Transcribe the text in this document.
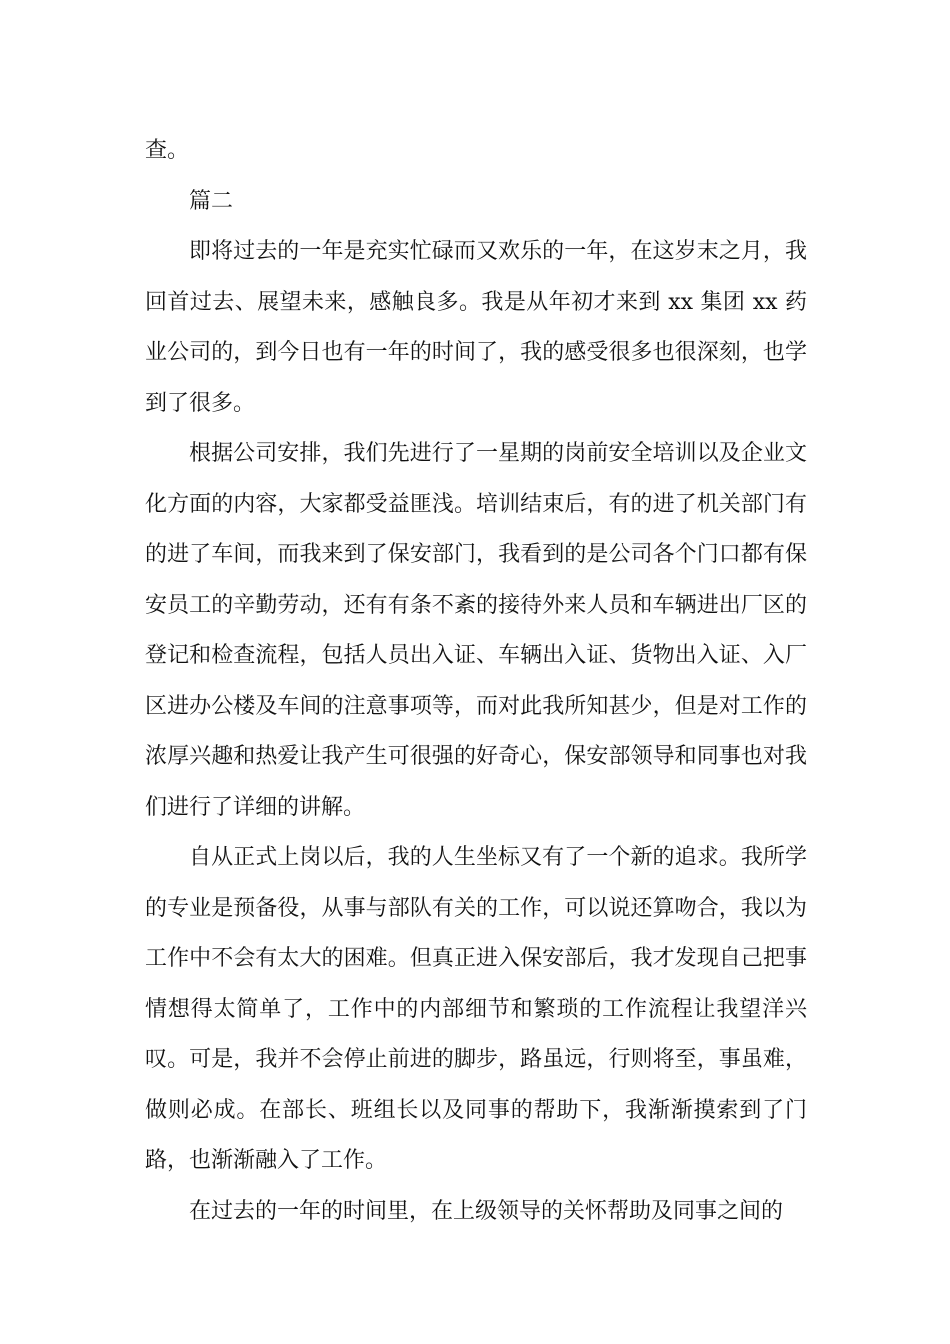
查。

篇二

即将过去的一年是充实忙碌而又欢乐的一年，在这岁末之月，我回首过去、展望未来，感触良多。我是从年初才来到 xx 集团 xx 药业公司的，到今日也有一年的时间了，我的感受很多也很深刻，也学到了很多。

根据公司安排，我们先进行了一星期的岗前安全培训以及企业文化方面的内容，大家都受益匪浅。培训结束后，有的进了机关部门有的进了车间，而我来到了保安部门，我看到的是公司各个门口都有保安员工的辛勤劳动，还有有条不紊的接待外来人员和车辆进出厂区的登记和检查流程，包括人员出入证、车辆出入证、货物出入证、入厂区进办公楼及车间的注意事项等，而对此我所知甚少，但是对工作的浓厚兴趣和热爱让我产生可很强的好奇心，保安部领导和同事也对我们进行了详细的讲解。

自从正式上岗以后，我的人生坐标又有了一个新的追求。我所学的专业是预备役，从事与部队有关的工作，可以说还算吻合，我以为工作中不会有太大的困难。但真正进入保安部后，我才发现自己把事情想得太简单了，工作中的内部细节和繁琐的工作流程让我望洋兴叹。可是，我并不会停止前进的脚步，路虽远，行则将至，事虽难，做则必成。在部长、班组长以及同事的帮助下，我渐渐摸索到了门路，也渐渐融入了工作。

在过去的一年的时间里，在上级领导的关怀帮助及同事之间的
